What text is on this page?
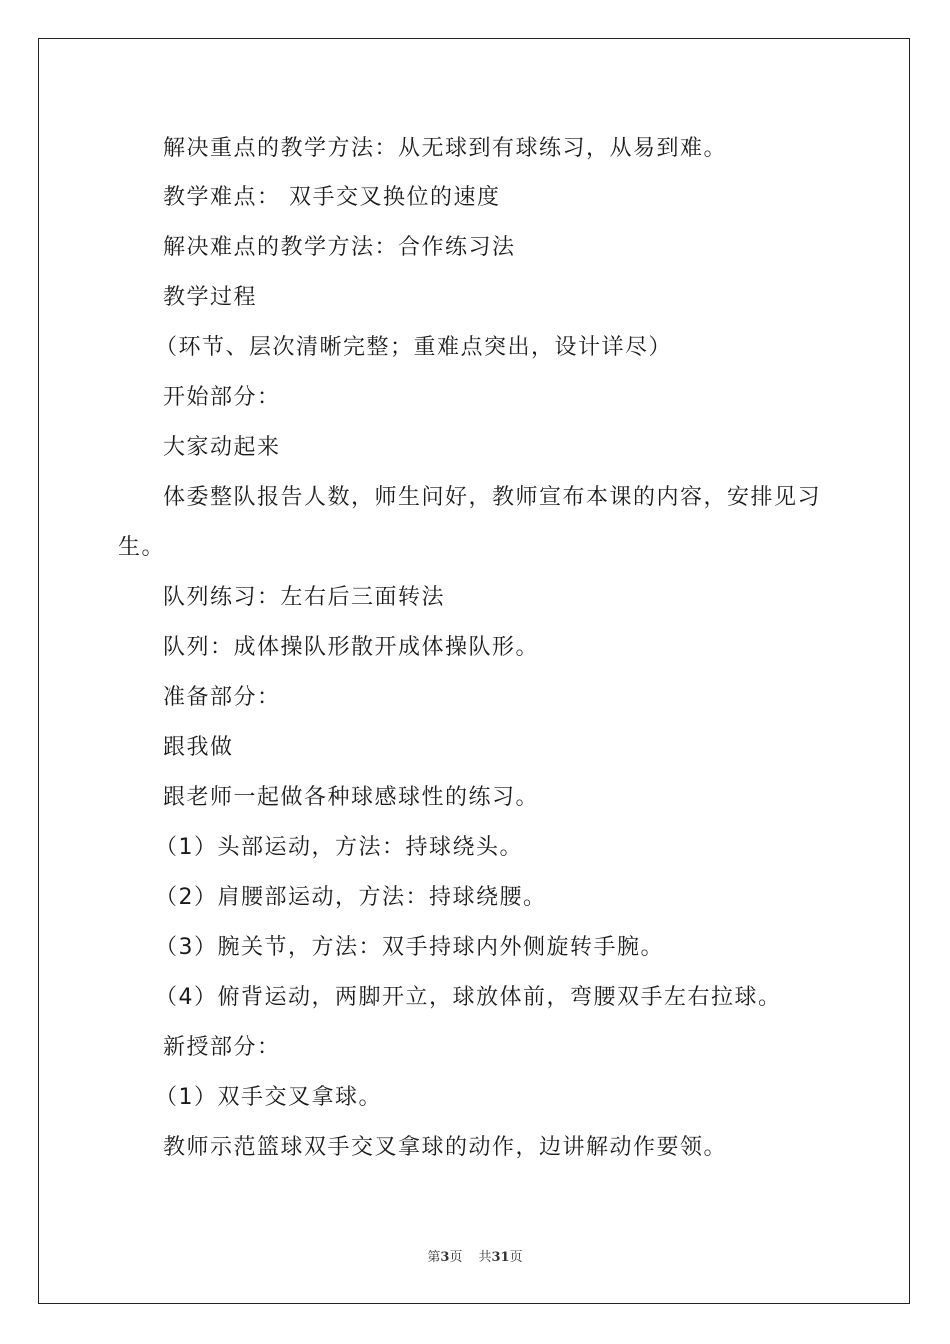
解决重点的教学方法：从无球到有球练习，从易到难。
教学难点： 双手交叉换位的速度
解决难点的教学方法：合作练习法
教学过程
（环节、层次清晰完整；重难点突出，设计详尽）
开始部分：
大家动起来
体委整队报告人数，师生问好，教师宣布本课的内容，安排见习
生。
队列练习：左右后三面转法
队列：成体操队形散开成体操队形。
准备部分：
跟我做
跟老师一起做各种球感球性的练习。
（1）头部运动，方法：持球绕头。
（2）肩腰部运动，方法：持球绕腰。
（3）腕关节，方法：双手持球内外侧旋转手腕。
（4）俯背运动，两脚开立，球放体前，弯腰双手左右拉球。
新授部分：
（1）双手交叉拿球。
教师示范篮球双手交叉拿球的动作，边讲解动作要领。
第3页 共31页
